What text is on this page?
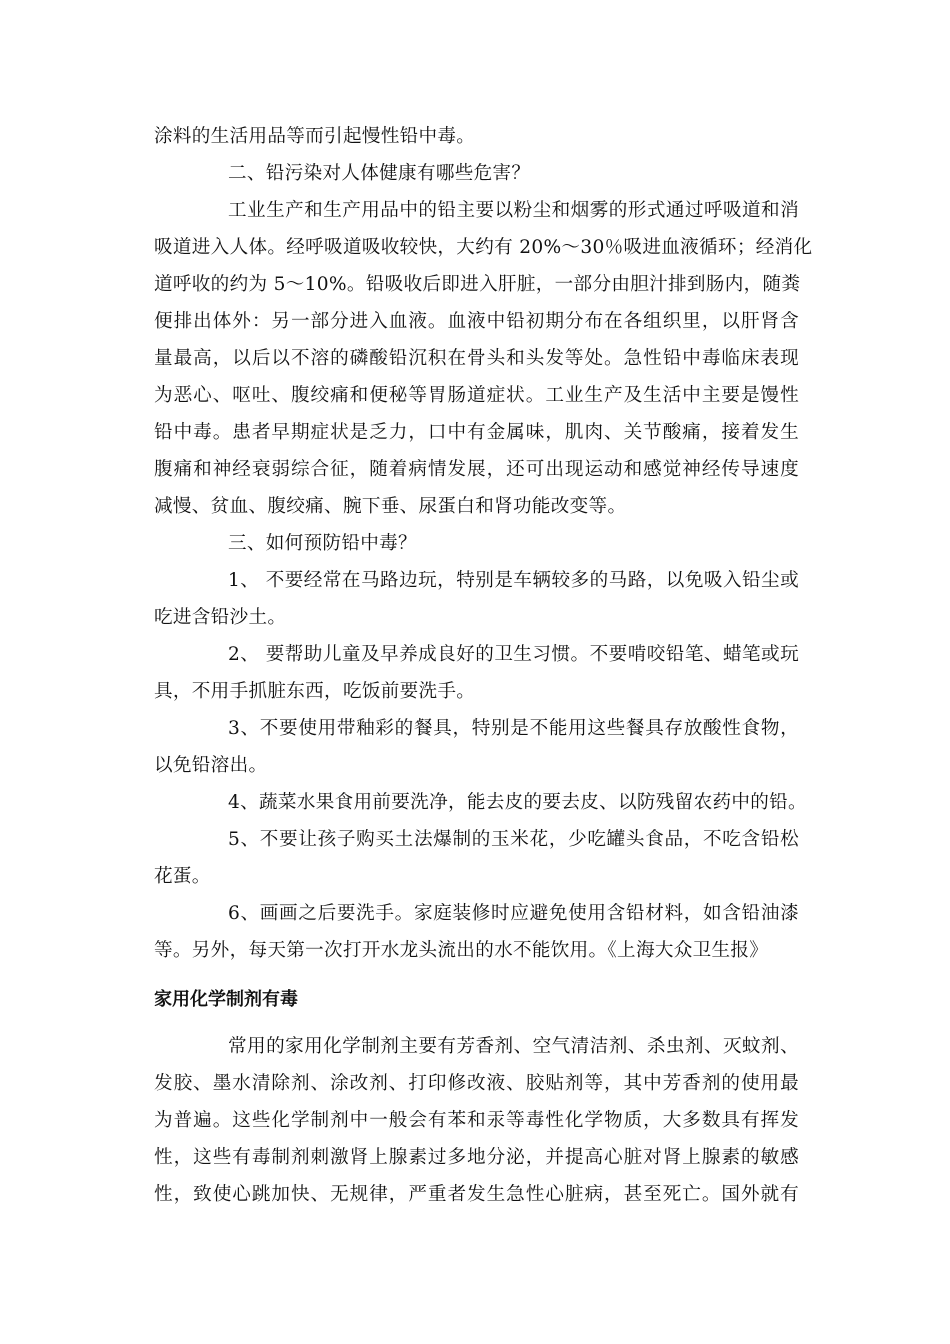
涂料的生活用品等而引起慢性铅中毒。
二、铅污染对人体健康有哪些危害？
工业生产和生产用品中的铅主要以粉尘和烟雾的形式通过呼吸道和消
吸道进入人体。经呼吸道吸收较快，大约有 20%～30％吸进血液循环；经消化
道呼收的约为 5～10%。铅吸收后即进入肝脏，一部分由胆汁排到肠内，随粪
便排出体外：另一部分进入血液。血液中铅初期分布在各组织里，以肝肾含
量最高，以后以不溶的磷酸铅沉积在骨头和头发等处。急性铅中毒临床表现
为恶心、呕吐、腹绞痛和便秘等胃肠道症状。工业生产及生活中主要是馒性
铅中毒。患者早期症状是乏力，口中有金属味，肌肉、关节酸痛，接着发生
腹痛和神经衰弱综合征，随着病情发展，还可出现运动和感觉神经传导速度
减慢、贫血、腹绞痛、腕下垂、尿蛋白和肾功能改变等。
三、如何预防铅中毒？
1、 不要经常在马路边玩，特别是车辆较多的马路，以免吸入铅尘或
吃进含铅沙土。
2、 要帮助儿童及早养成良好的卫生习惯。不要啃咬铅笔、蜡笔或玩
具，不用手抓脏东西，吃饭前要洗手。
3、不要使用带釉彩的餐具，特别是不能用这些餐具存放酸性食物，
以免铅溶出。
4、蔬菜水果食用前要洗净，能去皮的要去皮、以防残留农药中的铅。
5、不要让孩子购买土法爆制的玉米花，少吃罐头食品，不吃含铅松
花蛋。
6、画画之后要洗手。家庭装修时应避免使用含铅材料，如含铅油漆
等。另外，每天第一次打开水龙头流出的水不能饮用。《上海大众卫生报》
家用化学制剂有毒
常用的家用化学制剂主要有芳香剂、空气清洁剂、杀虫剂、灭蚊剂、
发胶、墨水清除剂、涂改剂、打印修改液、胶贴剂等，其中芳香剂的使用最
为普遍。这些化学制剂中一般会有苯和汞等毒性化学物质，大多数具有挥发
性，这些有毒制剂刺激肾上腺素过多地分泌，并提高心脏对肾上腺素的敏感
性，致使心跳加快、无规律，严重者发生急性心脏病，甚至死亡。国外就有
